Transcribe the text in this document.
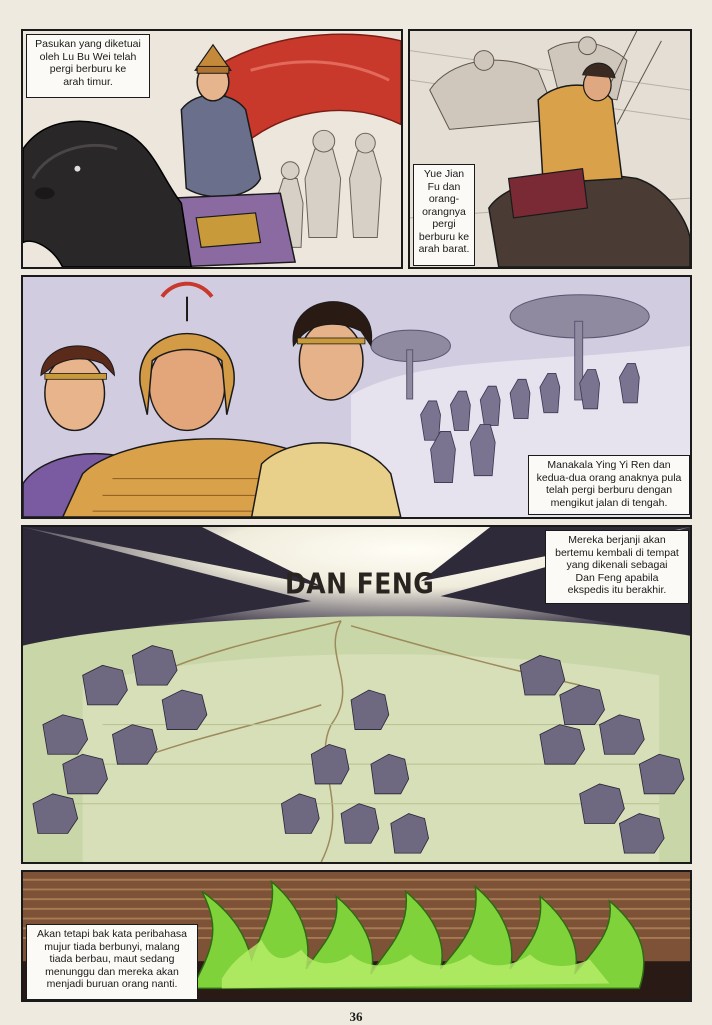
Pasukan yang diketuai
oleh Lu Bu Wei telah
pergi berburu ke
arah timur.
Yue Jian
Fu dan
orang-
orangnya
pergi
berburu ke
arah barat.
Manakala Ying Yi Ren dan
kedua-dua orang anaknya pula
telah pergi berburu dengan
mengikut jalan di tengah.
DAN FENG
Mereka berjanji akan
bertemu kembali di tempat
yang dikenali sebagai
Dan Feng apabila
ekspedis itu berakhir.
Akan tetapi bak kata peribahasa
mujur tiada berbunyi, malang
tiada berbau, maut sedang
menunggu dan mereka akan
menjadi buruan orang nanti.
36
